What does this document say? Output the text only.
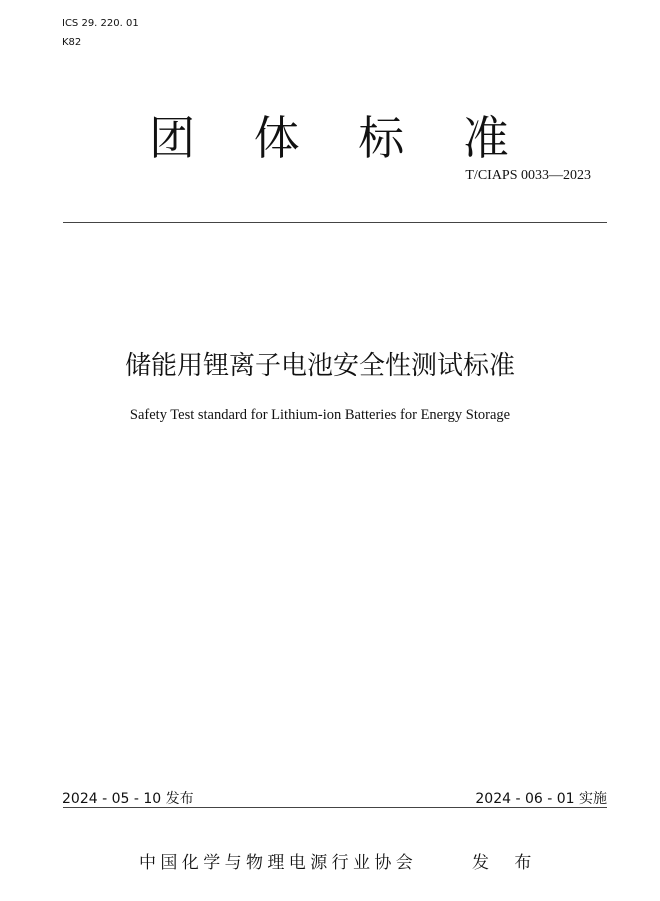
ICS 29. 220. 01
K82
团 体 标 准
T/CIAPS 0033—2023
储能用锂离子电池安全性测试标准
Safety Test standard for Lithium-ion Batteries for Energy Storage
2024 - 05 - 10 发布	2024 - 06 - 01 实施
中国化学与物理电源行业协会	发 布
